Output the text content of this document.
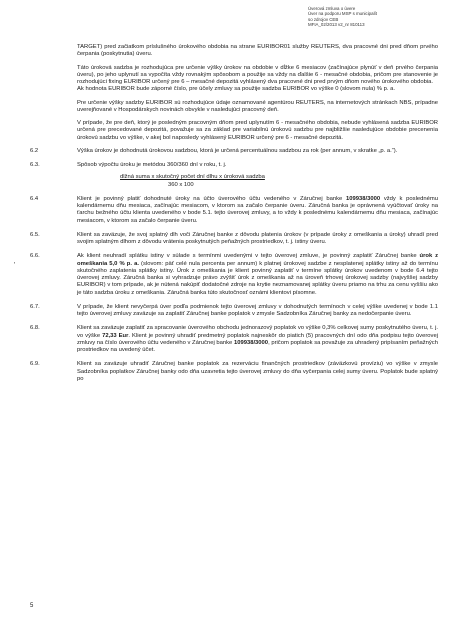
Úverová zmluva o úvere
Úver na podporu MSP s municipalít
so zdrojov CEB
MFIA_02/2013 v2_nr 810113
'

TARGET) pred začiatkom príslušného úrokového obdobia na strane EURIBOR01 služby REUTERS, dva pracovné dni pred dňom prvého čerpania (poskytnutia) úveru.

Táto úroková sadzba je rozhodujúca pre určenie výšky úrokov na obdobie v dĺžke 6 mesiacov (začínajúce plynúť v deň prvého čerpania úveru), po jeho uplynutí sa vypočíta vždy rovnakým spôsobom a použije sa vždy na ďalšie 6 - mesačné obdobia, pričom pre stanovenie je rozhodujúci fixing EURIBOR určený pre 6 – mesačné depozitá vyhlásený dva pracovné dni pred prvým dňom nového úrokového obdobia.

Ak hodnota EURIBOR bude záporné číslo, pre účely zmluvy sa použije sadzba EURIBOR vo výške 0 (slovom nula) % p. a.

Pre určenie výšky sadzby EURIBOR sú rozhodujúce údaje oznamované agentúrou REUTERS, na internetových stránkach NBS, prípadne uverejňované v Hospodárskych novinách obvykle v nasledujúci pracovný deň.

V prípade, že pre deň, ktorý je posledným pracovným dňom pred uplynutím 6 - mesačného obdobia, nebude vyhlásená sadzba EURIBOR určená pre precedované depozitá, považuje sa za základ pre variabilnú úrokovú sadzbu pre najbližšie nasledujúce obdobie precenenia úrokovú sadzbu vo výške, v akej bol naposledy vyhlásený EURIBOR určený pre 6 - mesačné depozitá.

6.2	Výška úrokov je dohodnutá úrokovou sadzbou, ktorá je určená percentuálnou sadzbou za rok (per annum, v skratke „p. a.“).
6.3.	Spôsob výpočtu úroku je metódou 360/360 dní v roku, t. j.
dlžná suma x skutočný počet dní dlhu x úroková sadzba
360 x 100
6.4	Klient je povinný platiť dohodnuté úroky na účto úverového účtu vedeného v Záručnej banke 109938/3000 vždy k poslednému kalendárnemu dňu mesiaca, začínajúc mesiacom, v ktorom sa začalo čerpanie úveru. Záručná banka je oprávnená vyúčtovať úroky na ťarchu bežného účtu klienta uvedeného v bode 5.1. tejto úverovej zmluvy, a to vždy k poslednému kalendárnemu dňu mesiaca, začínajúc mesiacom, v ktorom sa začalo čerpanie úveru.
6.5.	Klient sa zaväzuje, že svoj splatný dlh voči Záručnej banke z dôvodu platenia úrokov (v prípade úroky z omeškania a úroky) uhradí pred svojim splatným dlhom z dôvodu vrátenia poskytnutých peňažných prostriedkov, t. j. istiny úveru.
6.6.	Ak klient neuhradí splátku istiny v súlade s termínmi uvedenými v tejto úverovej zmluve, je povinný zaplatiť Záručnej banke úrok z omeškania 5,0 % p. a. (slovom: päť celé nula percenta per annum) k platnej úrokovej sadzbe z nesplatenej splátky istiny až do termínu skutočného zaplatenia splátky istiny. Úrok z omeškania je klient povinný zaplatiť v termíne splátky úrokov uvedenom v bode 6.4 tejto úverovej zmluvy. Záručná banka si vyhradzuje právo zvýšiť úrok z omeškania až na úroveň trhovej úrokovej sadzby (najvyššej sadzby EURIBOR) v tom prípade, ak je nútená nakúpiť dodatočné zdroje na krytie neznamovanej splátky úveru priamo na trhu za cenu vyššiu ako je táto sadzba úroku z omeškania. Záručná banka túto skutočnosť oznámi klientovi písomne.
6.7.	V prípade, že klient nevyčerpá úver podľa podmienok tejto úverovej zmluvy v dohodnutých termínoch v celej výške uvedenej v bode 1.1 tejto úverovej zmluvy zaväzuje sa zaplatiť Záručnej banke poplatok v zmysle Sadzobníka Záručnej banky za nedočerpanie úveru.
6.8.	Klient sa zaväzuje zaplatiť za spracovanie úverového obchodu jednorazový poplatok vo výške 0,3% celkovej sumy poskytnutého úveru, t. j. vo výške 72,33 Eur. Klient je povinný uhradiť predmetný poplatok najneskôr do piatich (5) pracovných dní odo dňa podpisu tejto úverovej zmluvy na číslo úverového účtu vedeného v Záručnej banke 109938/3000, pričom poplatok sa považuje za uhradený pripísaním peňažných prostriedkov na uvedený účet.
6.9.	Klient sa zaväzuje uhradiť Záručnej banke poplatok za rezerváciu finančných prostriedkov (záväzkovú províziu) vo výške v zmysle Sadzobníka poplatkov Záručnej banky odo dňa uzavretia tejto úverovej zmluvy do dňa vyčerpania celej sumy úveru. Poplatok bude splatný po
5
